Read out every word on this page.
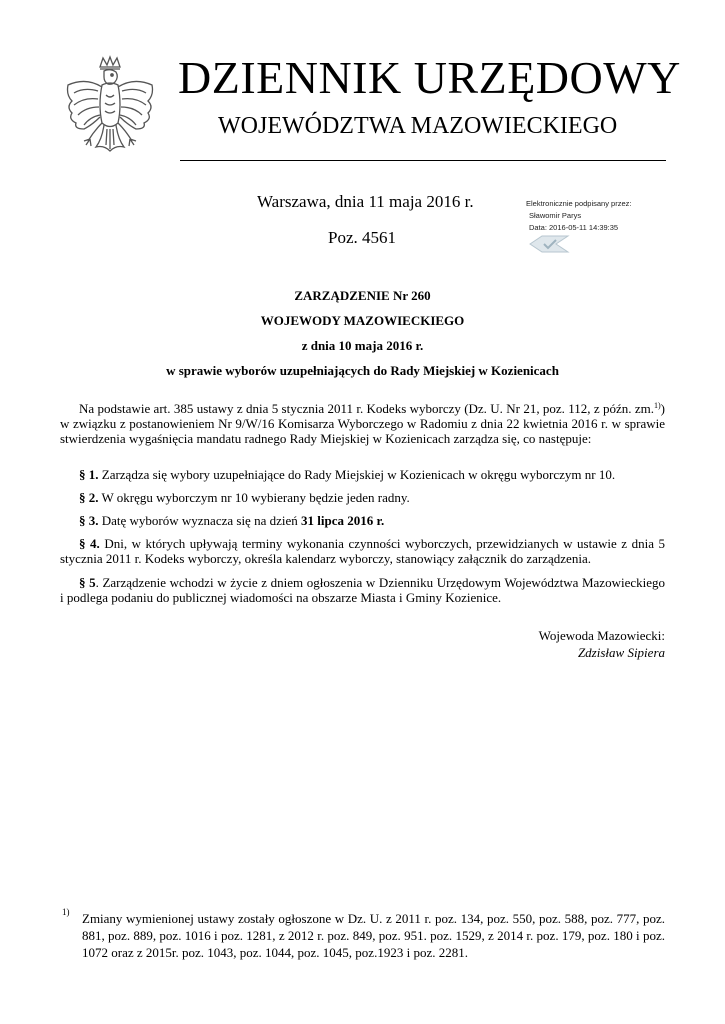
DZIENNIK URZĘDOWY
WOJEWÓDZTWA MAZOWIECKIEGO
Warszawa, dnia 11 maja 2016 r.
Poz. 4561
Elektronicznie podpisany przez:
Sławomir Parys
Data: 2016-05-11 14:39:35
ZARZĄDZENIE Nr 260
WOJEWODY MAZOWIECKIEGO
z dnia 10 maja 2016 r.
w sprawie wyborów uzupełniających do Rady Miejskiej w Kozienicach

Na podstawie art. 385 ustawy z dnia 5 stycznia 2011 r. Kodeks wyborczy (Dz. U. Nr 21, poz. 112, z późn. zm.$^{1)}$) w związku z postanowieniem Nr 9/W/16 Komisarza Wyborczego w Radomiu z dnia 22 kwietnia 2016 r. w sprawie stwierdzenia wygaśnięcia mandatu radnego Rady Miejskiej w Kozienicach zarządza się, co następuje:

§ 1. Zarządza się wybory uzupełniające do Rady Miejskiej w Kozienicach w okręgu wyborczym nr 10.

§ 2. W okręgu wyborczym nr 10 wybierany będzie jeden radny.

§ 3. Datę wyborów wyznacza się na dzień 31 lipca 2016 r.

§ 4. Dni, w których upływają terminy wykonania czynności wyborczych, przewidzianych w ustawie z dnia 5 stycznia 2011 r. Kodeks wyborczy, określa kalendarz wyborczy, stanowiący załącznik do zarządzenia.

§ 5. Zarządzenie wchodzi w życie z dniem ogłoszenia w Dzienniku Urzędowym Województwa Mazowieckiego i podlega podaniu do publicznej wiadomości na obszarze Miasta i Gminy Kozienice.

Wojewoda Mazowiecki:
Zdzisław Sipiera
1) Zmiany wymienionej ustawy zostały ogłoszone w Dz. U. z 2011 r. poz. 134, poz. 550, poz. 588, poz. 777, poz. 881, poz. 889, poz. 1016 i poz. 1281, z 2012 r. poz. 849, poz. 951. poz. 1529, z 2014 r. poz. 179, poz. 180 i poz. 1072 oraz z 2015r. poz. 1043, poz. 1044, poz. 1045, poz.1923 i poz. 2281.
